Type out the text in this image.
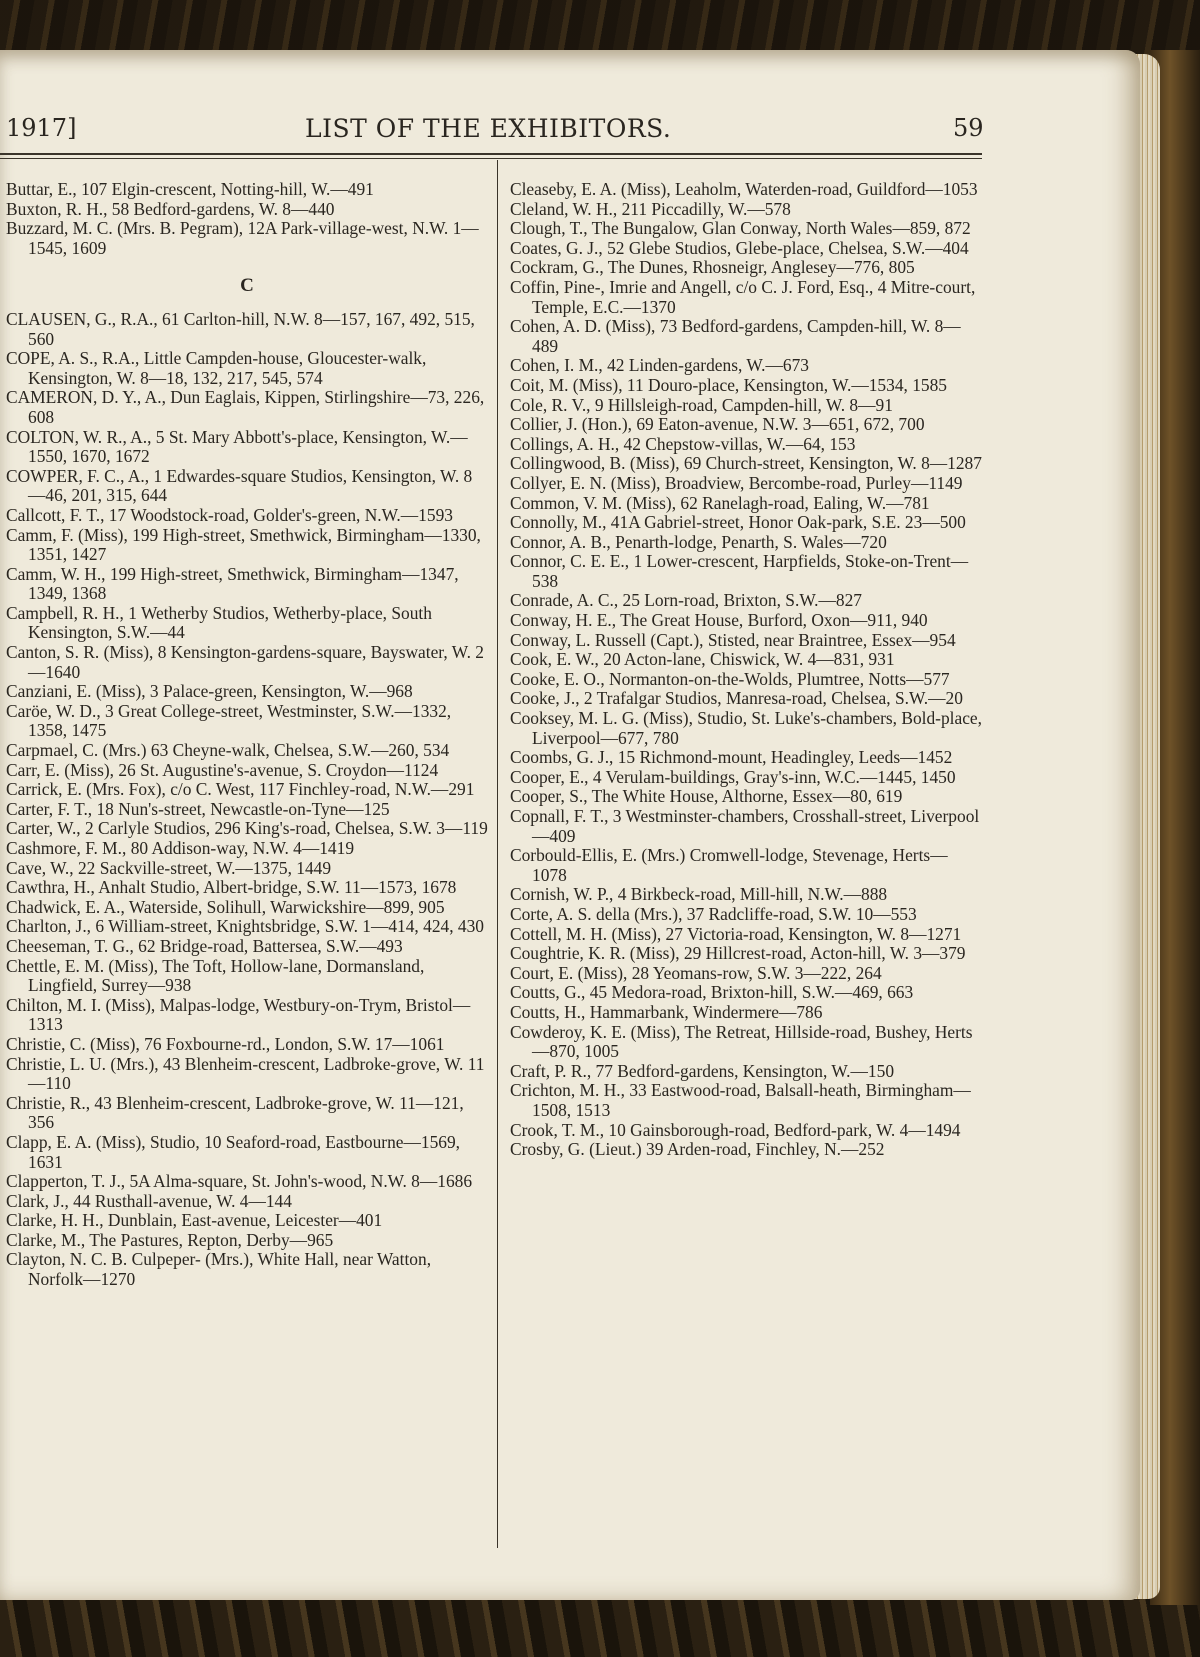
1917]	LIST OF THE EXHIBITORS.	59

Buttar, E., 107 Elgin-crescent, Notting-hill, W.—491

Buxton, R. H., 58 Bedford-gardens, W. 8—440

Buzzard, M. C. (Mrs. B. Pegram), 12A Park-village-west, N.W. 1—1545, 1609

C

CLAUSEN, G., R.A., 61 Carlton-hill, N.W. 8—157, 167, 492, 515, 560

COPE, A. S., R.A., Little Campden-house, Gloucester-walk, Kensington, W. 8—18, 132, 217, 545, 574

CAMERON, D. Y., A., Dun Eaglais, Kippen, Stirlingshire—73, 226, 608

COLTON, W. R., A., 5 St. Mary Abbott's-place, Kensington, W.—1550, 1670, 1672

COWPER, F. C., A., 1 Edwardes-square Studios, Kensington, W. 8—46, 201, 315, 644

Callcott, F. T., 17 Woodstock-road, Golder's-green, N.W.—1593

Camm, F. (Miss), 199 High-street, Smethwick, Birmingham—1330, 1351, 1427

Camm, W. H., 199 High-street, Smethwick, Birmingham—1347, 1349, 1368

Campbell, R. H., 1 Wetherby Studios, Wetherby-place, South Kensington, S.W.—44

Canton, S. R. (Miss), 8 Kensington-gardens-square, Bayswater, W. 2—1640

Canziani, E. (Miss), 3 Palace-green, Kensington, W.—968

Caröe, W. D., 3 Great College-street, Westminster, S.W.—1332, 1358, 1475

Carpmael, C. (Mrs.) 63 Cheyne-walk, Chelsea, S.W.—260, 534

Carr, E. (Miss), 26 St. Augustine's-avenue, S. Croydon—1124

Carrick, E. (Mrs. Fox), c/o C. West, 117 Finchley-road, N.W.—291

Carter, F. T., 18 Nun's-street, Newcastle-on-Tyne—125

Carter, W., 2 Carlyle Studios, 296 King's-road, Chelsea, S.W. 3—119

Cashmore, F. M., 80 Addison-way, N.W. 4—1419

Cave, W., 22 Sackville-street, W.—1375, 1449

Cawthra, H., Anhalt Studio, Albert-bridge, S.W. 11—1573, 1678

Chadwick, E. A., Waterside, Solihull, Warwickshire—899, 905

Charlton, J., 6 William-street, Knightsbridge, S.W. 1—414, 424, 430

Cheeseman, T. G., 62 Bridge-road, Battersea, S.W.—493

Chettle, E. M. (Miss), The Toft, Hollow-lane, Dormansland, Lingfield, Surrey—938

Chilton, M. I. (Miss), Malpas-lodge, Westbury-on-Trym, Bristol—1313

Christie, C. (Miss), 76 Foxbourne-rd., London, S.W. 17—1061

Christie, L. U. (Mrs.), 43 Blenheim-crescent, Ladbroke-grove, W. 11—110

Christie, R., 43 Blenheim-crescent, Ladbroke-grove, W. 11—121, 356

Clapp, E. A. (Miss), Studio, 10 Seaford-road, Eastbourne—1569, 1631

Clapperton, T. J., 5A Alma-square, St. John's-wood, N.W. 8—1686

Clark, J., 44 Rusthall-avenue, W. 4—144

Clarke, H. H., Dunblain, East-avenue, Leicester—401

Clarke, M., The Pastures, Repton, Derby—965

Clayton, N. C. B. Culpeper- (Mrs.), White Hall, near Watton, Norfolk—1270

Cleaseby, E. A. (Miss), Leaholm, Waterden-road, Guildford—1053

Cleland, W. H., 211 Piccadilly, W.—578

Clough, T., The Bungalow, Glan Conway, North Wales—859, 872

Coates, G. J., 52 Glebe Studios, Glebe-place, Chelsea, S.W.—404

Cockram, G., The Dunes, Rhosneigr, Anglesey—776, 805

Coffin, Pine-, Imrie and Angell, c/o C. J. Ford, Esq., 4 Mitre-court, Temple, E.C.—1370

Cohen, A. D. (Miss), 73 Bedford-gardens, Campden-hill, W. 8—489

Cohen, I. M., 42 Linden-gardens, W.—673

Coit, M. (Miss), 11 Douro-place, Kensington, W.—1534, 1585

Cole, R. V., 9 Hillsleigh-road, Campden-hill, W. 8—91

Collier, J. (Hon.), 69 Eaton-avenue, N.W. 3—651, 672, 700

Collings, A. H., 42 Chepstow-villas, W.—64, 153

Collingwood, B. (Miss), 69 Church-street, Kensington, W. 8—1287

Collyer, E. N. (Miss), Broadview, Bercombe-road, Purley—1149

Common, V. M. (Miss), 62 Ranelagh-road, Ealing, W.—781

Connolly, M., 41A Gabriel-street, Honor Oak-park, S.E. 23—500

Connor, A. B., Penarth-lodge, Penarth, S. Wales—720

Connor, C. E. E., 1 Lower-crescent, Harpfields, Stoke-on-Trent—538

Conrade, A. C., 25 Lorn-road, Brixton, S.W.—827

Conway, H. E., The Great House, Burford, Oxon—911, 940

Conway, L. Russell (Capt.), Stisted, near Braintree, Essex—954

Cook, E. W., 20 Acton-lane, Chiswick, W. 4—831, 931

Cooke, E. O., Normanton-on-the-Wolds, Plumtree, Notts—577

Cooke, J., 2 Trafalgar Studios, Manresa-road, Chelsea, S.W.—20

Cooksey, M. L. G. (Miss), Studio, St. Luke's-chambers, Bold-place, Liverpool—677, 780

Coombs, G. J., 15 Richmond-mount, Headingley, Leeds—1452

Cooper, E., 4 Verulam-buildings, Gray's-inn, W.C.—1445, 1450

Cooper, S., The White House, Althorne, Essex—80, 619

Copnall, F. T., 3 Westminster-chambers, Crosshall-street, Liverpool—409

Corbould-Ellis, E. (Mrs.) Cromwell-lodge, Stevenage, Herts—1078

Cornish, W. P., 4 Birkbeck-road, Mill-hill, N.W.—888

Corte, A. S. della (Mrs.), 37 Radcliffe-road, S.W. 10—553

Cottell, M. H. (Miss), 27 Victoria-road, Kensington, W. 8—1271

Coughtrie, K. R. (Miss), 29 Hillcrest-road, Acton-hill, W. 3—379

Court, E. (Miss), 28 Yeomans-row, S.W. 3—222, 264

Coutts, G., 45 Medora-road, Brixton-hill, S.W.—469, 663

Coutts, H., Hammarbank, Windermere—786

Cowderoy, K. E. (Miss), The Retreat, Hillside-road, Bushey, Herts—870, 1005

Craft, P. R., 77 Bedford-gardens, Kensington, W.—150

Crichton, M. H., 33 Eastwood-road, Balsall-heath, Birmingham—1508, 1513

Crook, T. M., 10 Gainsborough-road, Bedford-park, W. 4—1494

Crosby, G. (Lieut.) 39 Arden-road, Finchley, N.—252
